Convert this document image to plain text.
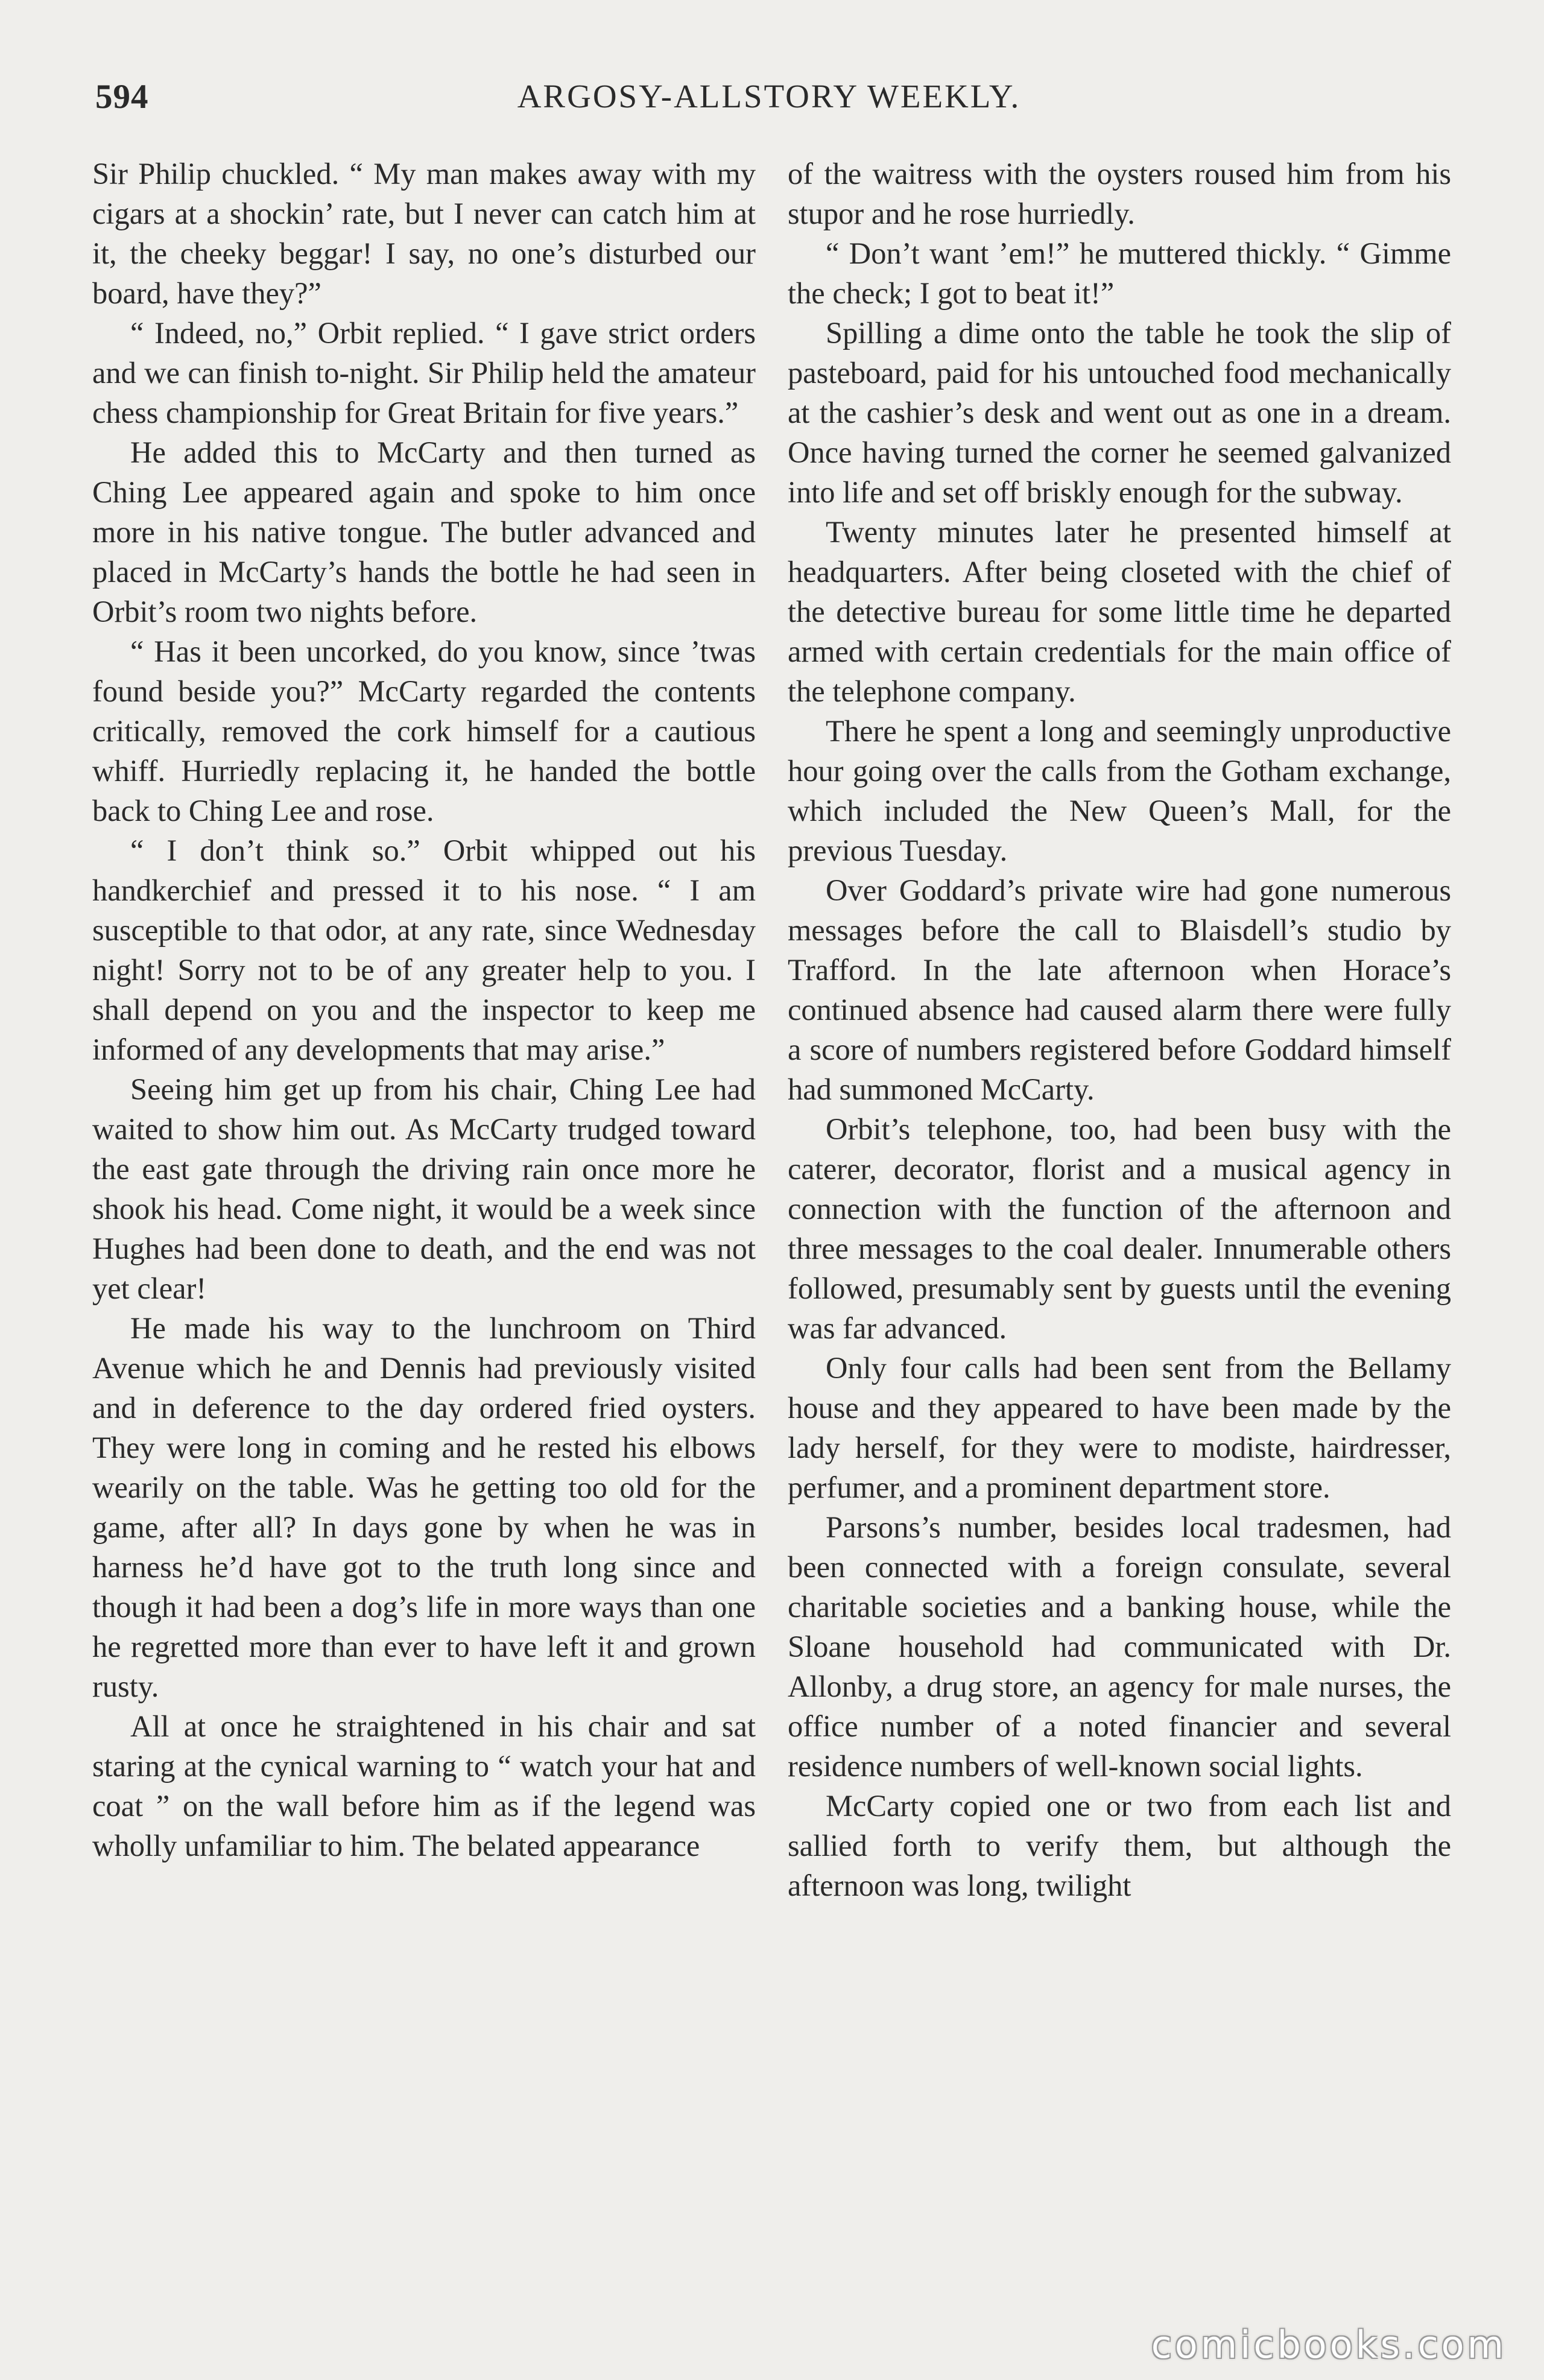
594	ARGOSY-ALLSTORY WEEKLY.

Sir Philip chuckled. “ My man makes away with my cigars at a shockin’ rate, but I never can catch him at it, the cheeky beggar! I say, no one’s disturbed our board, have they?”

“ Indeed, no,” Orbit replied. “ I gave strict orders and we can finish to-night. Sir Philip held the amateur chess championship for Great Britain for five years.”

He added this to McCarty and then turned as Ching Lee appeared again and spoke to him once more in his native tongue. The butler advanced and placed in McCarty’s hands the bottle he had seen in Orbit’s room two nights before.

“ Has it been uncorked, do you know, since ’twas found beside you?” McCarty regarded the contents critically, removed the cork himself for a cautious whiff. Hurriedly replacing it, he handed the bottle back to Ching Lee and rose.

“ I don’t think so.” Orbit whipped out his handkerchief and pressed it to his nose. “ I am susceptible to that odor, at any rate, since Wednesday night! Sorry not to be of any greater help to you. I shall depend on you and the inspector to keep me informed of any developments that may arise.”

Seeing him get up from his chair, Ching Lee had waited to show him out. As McCarty trudged toward the east gate through the driving rain once more he shook his head. Come night, it would be a week since Hughes had been done to death, and the end was not yet clear!

He made his way to the lunchroom on Third Avenue which he and Dennis had previously visited and in deference to the day ordered fried oysters. They were long in coming and he rested his elbows wearily on the table. Was he getting too old for the game, after all? In days gone by when he was in harness he’d have got to the truth long since and though it had been a dog’s life in more ways than one he regretted more than ever to have left it and grown rusty.

All at once he straightened in his chair and sat staring at the cynical warning to “ watch your hat and coat ” on the wall before him as if the legend was wholly unfamiliar to him. The belated appearance

of the waitress with the oysters roused him from his stupor and he rose hurriedly.

“ Don’t want ’em!” he muttered thickly. “ Gimme the check; I got to beat it!”

Spilling a dime onto the table he took the slip of pasteboard, paid for his untouched food mechanically at the cashier’s desk and went out as one in a dream. Once having turned the corner he seemed galvanized into life and set off briskly enough for the subway.

Twenty minutes later he presented himself at headquarters. After being closeted with the chief of the detective bureau for some little time he departed armed with certain credentials for the main office of the telephone company.

There he spent a long and seemingly unproductive hour going over the calls from the Gotham exchange, which included the New Queen’s Mall, for the previous Tuesday.

Over Goddard’s private wire had gone numerous messages before the call to Blaisdell’s studio by Trafford. In the late afternoon when Horace’s continued absence had caused alarm there were fully a score of numbers registered before Goddard himself had summoned McCarty.

Orbit’s telephone, too, had been busy with the caterer, decorator, florist and a musical agency in connection with the function of the afternoon and three messages to the coal dealer. Innumerable others followed, presumably sent by guests until the evening was far advanced.

Only four calls had been sent from the Bellamy house and they appeared to have been made by the lady herself, for they were to modiste, hairdresser, perfumer, and a prominent department store.

Parsons’s number, besides local tradesmen, had been connected with a foreign consulate, several charitable societies and a banking house, while the Sloane household had communicated with Dr. Allonby, a drug store, an agency for male nurses, the office number of a noted financier and several residence numbers of well-known social lights.

McCarty copied one or two from each list and sallied forth to verify them, but although the afternoon was long, twilight

comicbooks.com
